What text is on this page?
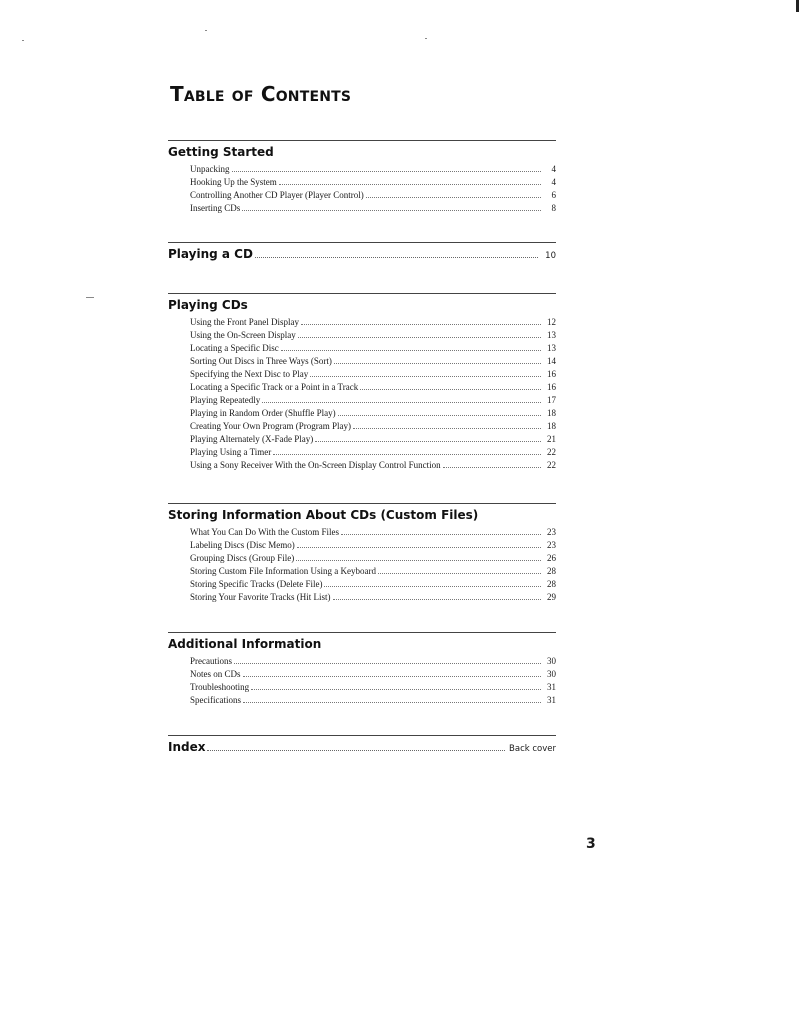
Table of Contents
Getting Started
Unpacking	4
Hooking Up the System	4
Controlling Another CD Player (Player Control)	6
Inserting CDs	8
Playing a CD	10
Playing CDs
Using the Front Panel Display	12
Using the On-Screen Display	13
Locating a Specific Disc	13
Sorting Out Discs in Three Ways (Sort)	14
Specifying the Next Disc to Play	16
Locating a Specific Track or a Point in a Track	16
Playing Repeatedly	17
Playing in Random Order (Shuffle Play)	18
Creating Your Own Program (Program Play)	18
Playing Alternately (X-Fade Play)	21
Playing Using a Timer	22
Using a Sony Receiver With the On-Screen Display Control Function	22
Storing Information About CDs (Custom Files)
What You Can Do With the Custom Files	23
Labeling Discs (Disc Memo)	23
Grouping Discs (Group File)	26
Storing Custom File Information Using a Keyboard	28
Storing Specific Tracks (Delete File)	28
Storing Your Favorite Tracks (Hit List)	29
Additional Information
Precautions	30
Notes on CDs	30
Troubleshooting	31
Specifications	31
Index	Back cover
3
